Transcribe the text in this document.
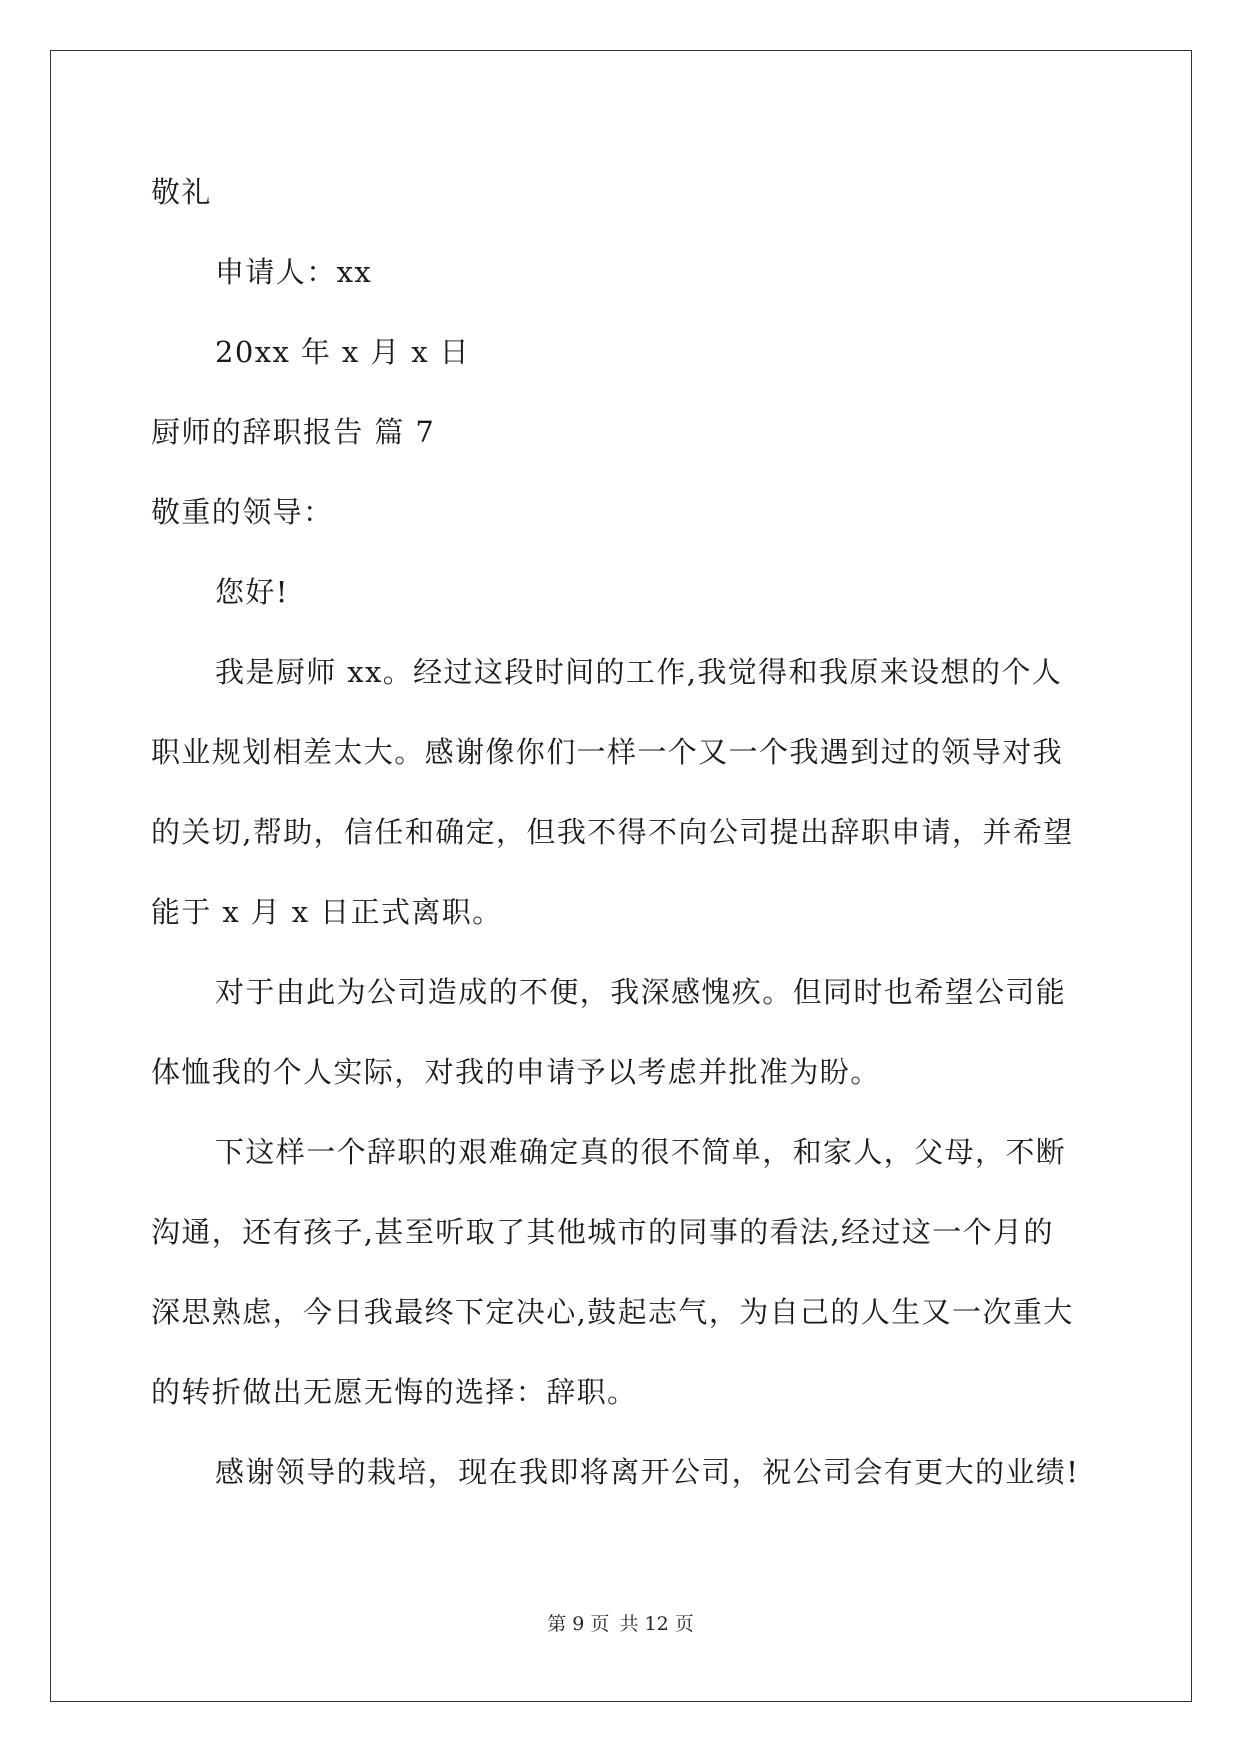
敬礼
申请人：xx
20xx 年 x 月 x 日
厨师的辞职报告 篇 7
敬重的领导：
您好!
我是厨师 xx。经过这段时间的工作,我觉得和我原来设想的个人
职业规划相差太大。感谢像你们一样一个又一个我遇到过的领导对我
的关切,帮助，信任和确定，但我不得不向公司提出辞职申请，并希望
能于 x 月 x 日正式离职。
对于由此为公司造成的不便，我深感愧疚。但同时也希望公司能
体恤我的个人实际，对我的申请予以考虑并批准为盼。
下这样一个辞职的艰难确定真的很不简单，和家人，父母，不断
沟通，还有孩子,甚至听取了其他城市的同事的看法,经过这一个月的
深思熟虑，今日我最终下定决心,鼓起志气，为自己的人生又一次重大
的转折做出无愿无悔的选择：辞职。
感谢领导的栽培，现在我即将离开公司，祝公司会有更大的业绩!
第 9 页 共 12 页
